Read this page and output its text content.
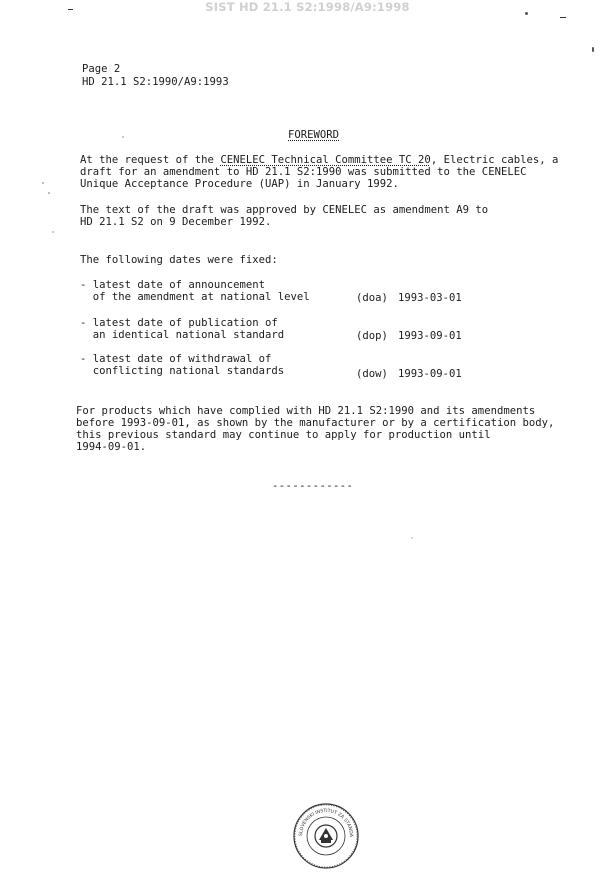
SIST HD 21.1 S2:1998/A9:1998
Page 2
HD 21.1 S2:1990/A9:1993
FOREWORD
At the request of the CENELEC Technical Committee TC 20, Electric cables, a
draft for an amendment to HD 21.1 S2:1990 was submitted to the CENELEC
Unique Acceptance Procedure (UAP) in January 1992.
The text of the draft was approved by CENELEC as amendment A9 to
HD 21.1 S2 on 9 December 1992.
The following dates were fixed:
- latest date of announcement
of the amendment at national level	(doa) 1993-03-01
- latest date of publication of
an identical national standard	(dop) 1993-09-01
- latest date of withdrawal of
conflicting national standards	(dow) 1993-09-01
For products which have complied with HD 21.1 S2:1990 and its amendments
before 1993-09-01, as shown by the manufacturer or by a certification body,
this previous standard may continue to apply for production until
1994-09-01.
------------
SLOVENSKI INSTITUT ZA STANDA
